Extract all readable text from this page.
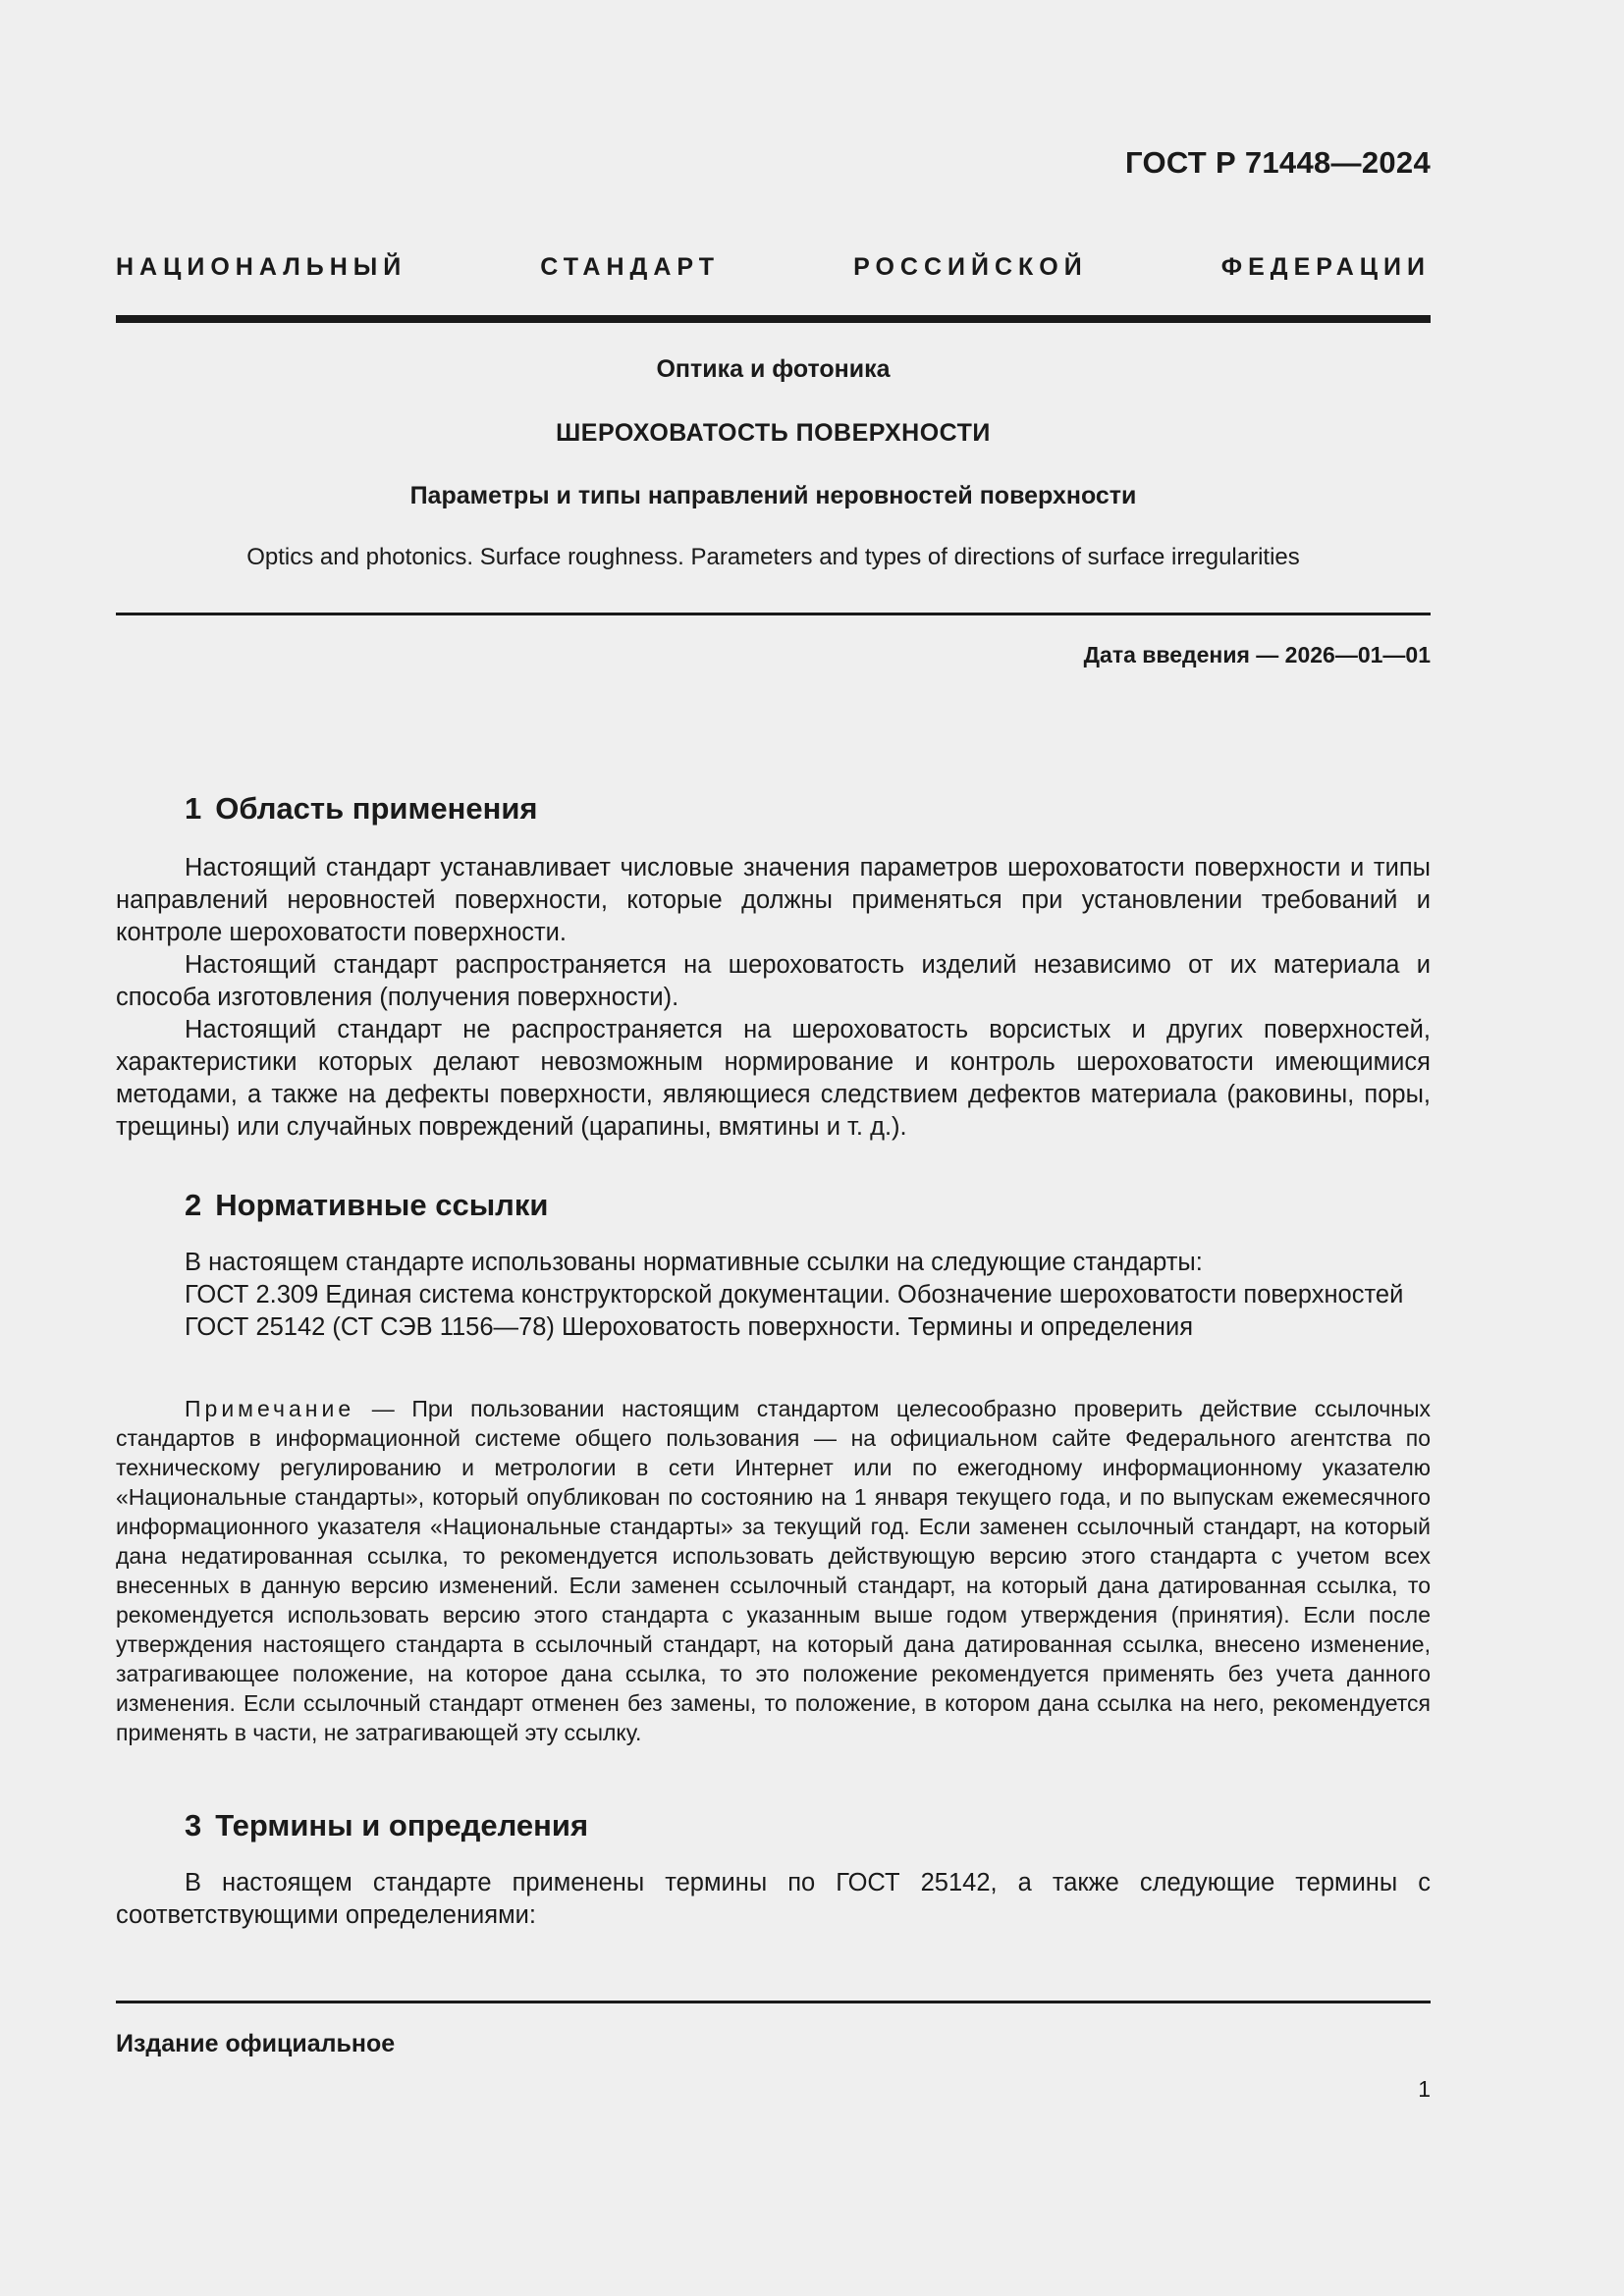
ГОСТ Р 71448—2024
НАЦИОНАЛЬНЫЙ СТАНДАРТ РОССИЙСКОЙ ФЕДЕРАЦИИ
Оптика и фотоника
ШЕРОХОВАТОСТЬ ПОВЕРХНОСТИ
Параметры и типы направлений неровностей поверхности
Optics and photonics. Surface roughness. Parameters and types of directions of surface irregularities
Дата введения — 2026—01—01
1 Область применения

Настоящий стандарт устанавливает числовые значения параметров шероховатости поверхности и типы направлений неровностей поверхности, которые должны применяться при установлении требований и контроле шероховатости поверхности.

Настоящий стандарт распространяется на шероховатость изделий независимо от их материала и способа изготовления (получения поверхности).

Настоящий стандарт не распространяется на шероховатость ворсистых и других поверхностей, характеристики которых делают невозможным нормирование и контроль шероховатости имеющимися методами, а также на дефекты поверхности, являющиеся следствием дефектов материала (раковины, поры, трещины) или случайных повреждений (царапины, вмятины и т. д.).

2 Нормативные ссылки

В настоящем стандарте использованы нормативные ссылки на следующие стандарты:

ГОСТ 2.309 Единая система конструкторской документации. Обозначение шероховатости поверхностей

ГОСТ 25142 (СТ СЭВ 1156—78) Шероховатость поверхности. Термины и определения

Примечание — При пользовании настоящим стандартом целесообразно проверить действие ссылочных стандартов в информационной системе общего пользования — на официальном сайте Федерального агентства по техническому регулированию и метрологии в сети Интернет или по ежегодному информационному указателю «Национальные стандарты», который опубликован по состоянию на 1 января текущего года, и по выпускам ежемесячного информационного указателя «Национальные стандарты» за текущий год. Если заменен ссылочный стандарт, на который дана недатированная ссылка, то рекомендуется использовать действующую версию этого стандарта с учетом всех внесенных в данную версию изменений. Если заменен ссылочный стандарт, на который дана датированная ссылка, то рекомендуется использовать версию этого стандарта с указанным выше годом утверждения (принятия). Если после утверждения настоящего стандарта в ссылочный стандарт, на который дана датированная ссылка, внесено изменение, затрагивающее положение, на которое дана ссылка, то это положение рекомендуется применять без учета данного изменения. Если ссылочный стандарт отменен без замены, то положение, в котором дана ссылка на него, рекомендуется применять в части, не затрагивающей эту ссылку.
3 Термины и определения

В настоящем стандарте применены термины по ГОСТ 25142, а также следующие термины с соответствующими определениями:

Издание официальное
1
